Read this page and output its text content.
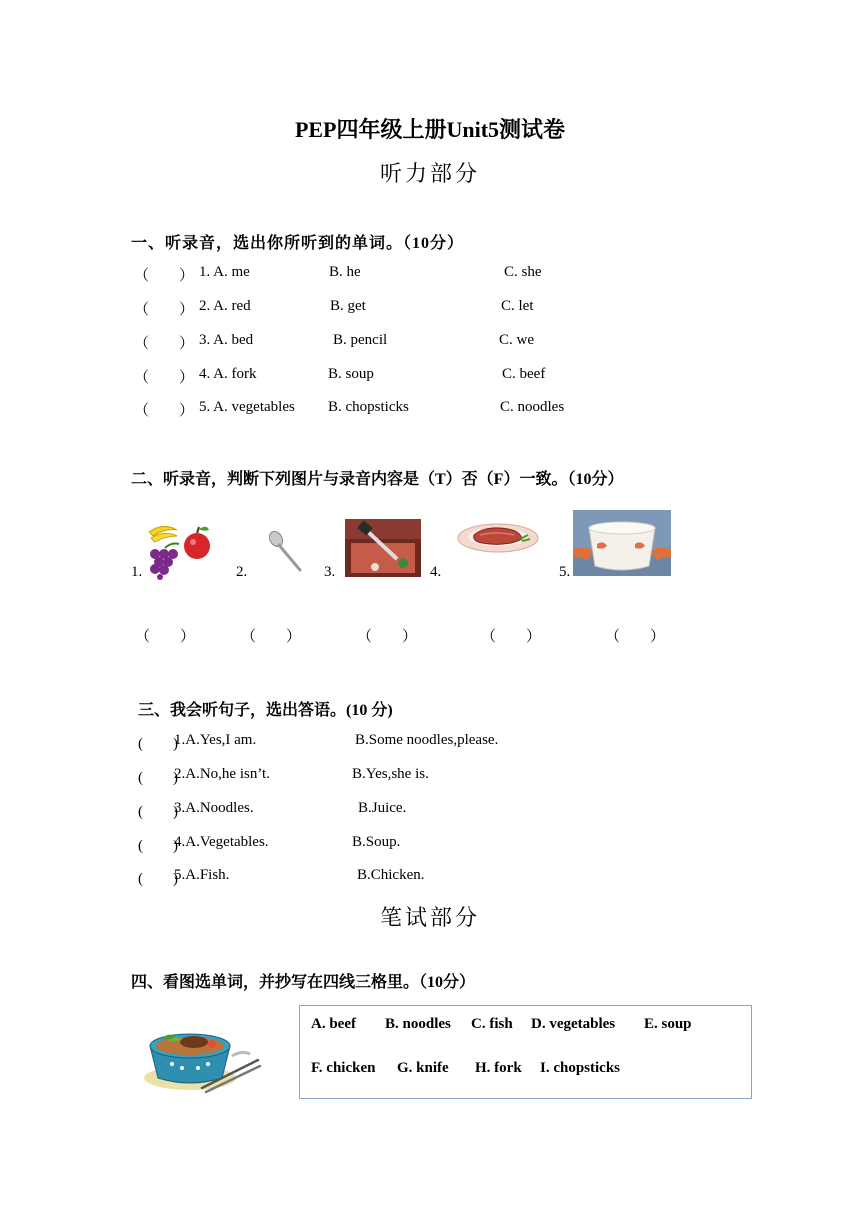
PEP四年级上册Unit5测试卷
听力部分
一、听录音，选出你所听到的单词。（10分）
（　　） 1. A. me	B. he	C. she
（　　） 2. A. red	B. get	C. let
（　　） 3. A. bed	B. pencil	C. we
（　　） 4. A. fork	B. soup	C. beef
（　　） 5. A. vegetables B. chopsticks	C. noodles
二、听录音，判断下列图片与录音内容是（T）否（F）一致。（10分）
1.	2.	3.	4.	5.
（　　）	（　　）	（　　）	（　　）	（　　）
三、我会听句子，选出答语。(10 分)
(　　)
1.A.Yes,I am.	B.Some noodles,please.
(　　)
2.A.No,he isn’t.	B.Yes,she is.
(　　)
3.A.Noodles.	B.Juice.
(　　)
4.A.Vegetables.	B.Soup.
(　　)
5.A.Fish.	B.Chicken.
笔试部分
四、看图选单词，并抄写在四线三格里。（10分）
A. beef B. noodles C. fish D. vegetables E. soup
F. chicken G. knife H. fork I. chopsticks
